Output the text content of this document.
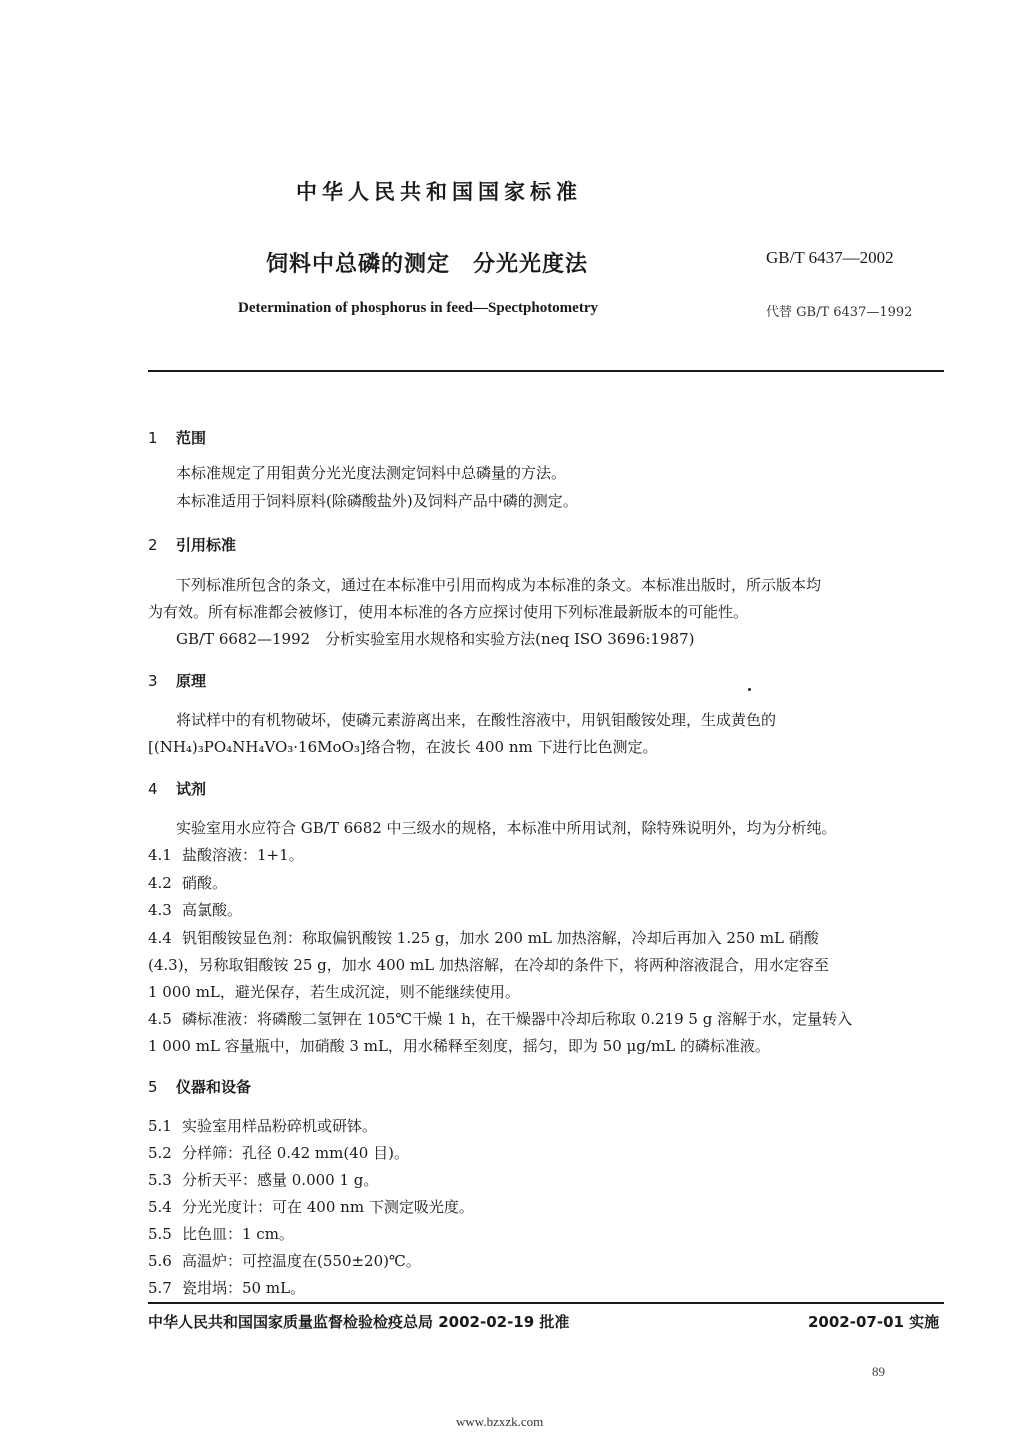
中华人民共和国国家标准
饲料中总磷的测定　分光光度法	GB/T 6437—2002
Determination of phosphorus in feed—Spectphotometry	代替 GB/T 6437—1992
1 范围
本标准规定了用钼黄分光光度法测定饲料中总磷量的方法。
本标准适用于饲料原料(除磷酸盐外)及饲料产品中磷的测定。
2 引用标准
下列标准所包含的条文，通过在本标准中引用而构成为本标准的条文。本标准出版时，所示版本均
为有效。所有标准都会被修订，使用本标准的各方应探讨使用下列标准最新版本的可能性。
GB/T 6682—1992　分析实验室用水规格和实验方法(neq ISO 3696:1987)
3 原理
将试样中的有机物破坏，使磷元素游离出来，在酸性溶液中，用钒钼酸铵处理，生成黄色的
[(NH₄)₃PO₄NH₄VO₃·16MoO₃]络合物，在波长 400 nm 下进行比色测定。
4 试剂
实验室用水应符合 GB/T 6682 中三级水的规格，本标准中所用试剂，除特殊说明外，均为分析纯。
4.1 盐酸溶液：1+1。
4.2 硝酸。
4.3 高氯酸。
4.4 钒钼酸铵显色剂：称取偏钒酸铵 1.25 g，加水 200 mL 加热溶解，冷却后再加入 250 mL 硝酸
(4.3)，另称取钼酸铵 25 g，加水 400 mL 加热溶解，在冷却的条件下，将两种溶液混合，用水定容至
1 000 mL，避光保存，若生成沉淀，则不能继续使用。
4.5 磷标准液：将磷酸二氢钾在 105℃干燥 1 h，在干燥器中冷却后称取 0.219 5 g 溶解于水，定量转入
1 000 mL 容量瓶中，加硝酸 3 mL，用水稀释至刻度，摇匀，即为 50 μg/mL 的磷标准液。
5 仪器和设备
5.1 实验室用样品粉碎机或研钵。
5.2 分样筛：孔径 0.42 mm(40 目)。
5.3 分析天平：感量 0.000 1 g。
5.4 分光光度计：可在 400 nm 下测定吸光度。
5.5 比色皿：1 cm。
5.6 高温炉：可控温度在(550±20)℃。
5.7 瓷坩埚：50 mL。
中华人民共和国国家质量监督检验检疫总局 2002-02-19 批准	2002-07-01 实施
89
www.bzxzk.com
